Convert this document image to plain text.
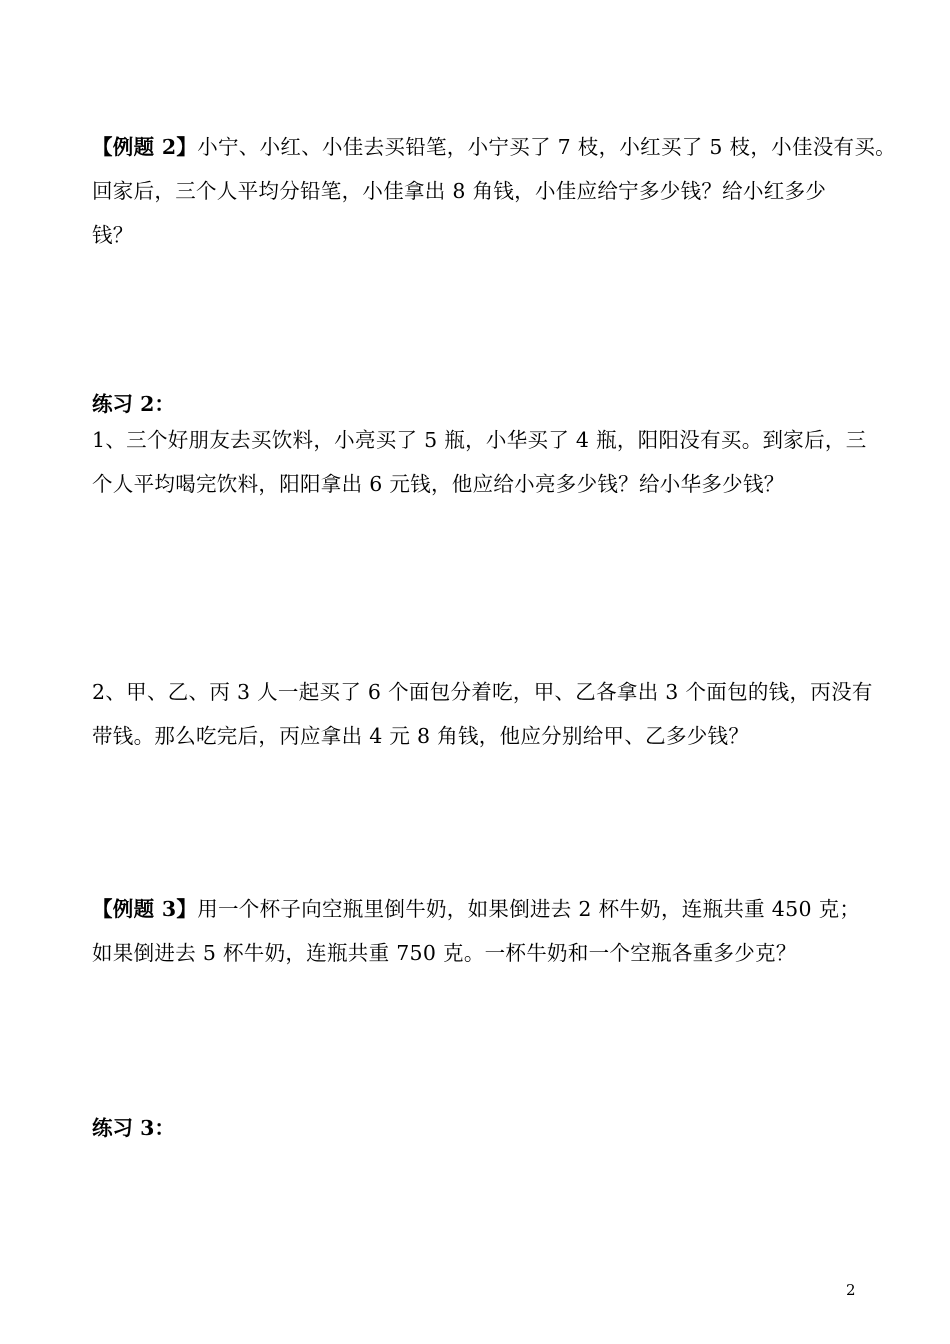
【例题 2】小宁、小红、小佳去买铅笔，小宁买了 7 枝，小红买了 5 枝，小佳没有买。
回家后，三个人平均分铅笔，小佳拿出 8 角钱，小佳应给宁多少钱？给小红多少
钱？

练习 2：

1、三个好朋友去买饮料，小亮买了 5 瓶，小华买了 4 瓶，阳阳没有买。到家后，三
个人平均喝完饮料，阳阳拿出 6 元钱，他应给小亮多少钱？给小华多少钱？
2、甲、乙、丙 3 人一起买了 6 个面包分着吃，甲、乙各拿出 3 个面包的钱，丙没有
带钱。那么吃完后，丙应拿出 4 元 8 角钱，他应分别给甲、乙多少钱？
【例题 3】用一个杯子向空瓶里倒牛奶，如果倒进去 2 杯牛奶，连瓶共重 450 克；
如果倒进去 5 杯牛奶，连瓶共重 750 克。一杯牛奶和一个空瓶各重多少克？

练习 3：

2
